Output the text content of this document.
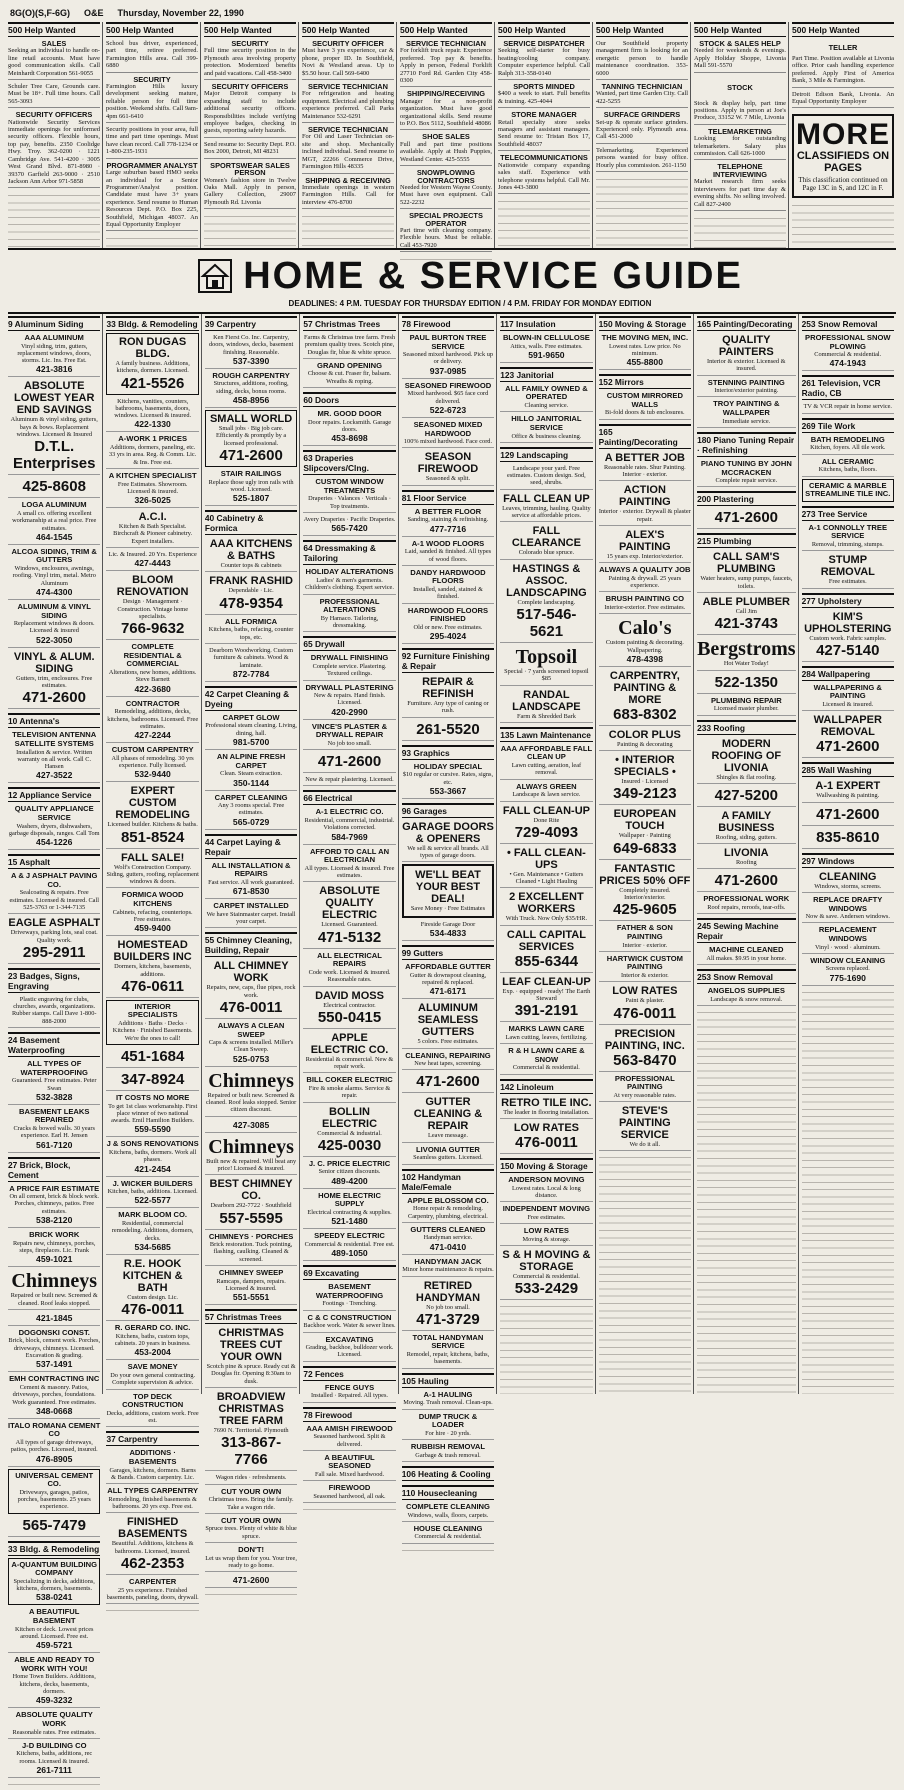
8G(O)(S,F-6G) O&E Thursday, November 22, 1990
500 Help Wanted
SALES
Seeking an individual to handle on-line retail accounts. Must have good communication skills. Call Meinhardt Corporation 561-9055
Schuler Tree Care, Grounds care. Must be 18+. Full time hours. Call 565-3093
SECURITY OFFICERS
Nationwide Security Services immediate openings for uniformed security officers. Flexible hours, top pay, benefits. 2350 Coolidge Hwy. Troy. 362-0200 · 1221 Cambridge Ave. 541-4200 · 3005 West Grand Blvd. 871-8980 · 39370 Garfield 263-9000 · 2510 Jackson Ann Arbor 971-5858
500 Help Wanted
School bus driver, experienced, part time, retiree preferred. Farmington Hills area. Call 399-6880
SECURITY
Farmington Hills luxury development seeking mature, reliable person for full time position. Weekend shifts. Call 9am-4pm 661-6410
Security positions in your area, full time and part time openings. Must have clean record. Call 778-1234 or 1-800-235-1931
PROGRAMMER ANALYST
Large suburban based HMO seeks an individual for a Senior Programmer/Analyst position. Candidate must have 3+ years experience. Send resume to Human Resources Dept. P.O. Box 225, Southfield, Michigan 48037. An Equal Opportunity Employer
500 Help Wanted
SECURITY
Full time security position in the Plymouth area involving property protection. Modernized benefits and paid vacations. Call 458-3400
SECURITY OFFICERS
Major Detroit company is expanding staff to include additional security officers. Responsibilities include verifying employee badges, checking in guests, reporting safety hazards.
Send resume to: Security Dept. P.O. Box 2000, Detroit, MI 48231
SPORTSWEAR SALES PERSON
Women's fashion store in Twelve Oaks Mall. Apply in person, Gallery Collection, 29007 Plymouth Rd. Livonia
500 Help Wanted
SECURITY OFFICER
Must have 3 yrs experience, car & phone, proper ID. In Southfield, Novi & Westland areas. Up to $5.50 hour. Call 569-6400
SERVICE TECHNICIAN
For refrigeration and heating equipment. Electrical and plumbing experience preferred. Call Parks Maintenance 532-6291
SERVICE TECHNICIAN
For Oil and Laser Technician on-site and shop. Mechanically inclined individual. Send resume to MGT, 22266 Commerce Drive, Farmington Hills 48335
SHIPPING & RECEIVING
Immediate openings in western Farmington Hills. Call for interview 476-8700
500 Help Wanted
SERVICE TECHNICIAN
For forklift truck repair. Experience preferred. Top pay & benefits. Apply in person, Federal Forklift 27710 Ford Rd. Garden City 458-0300
SHIPPING/RECEIVING
Manager for a non-profit organization. Must have good organizational skills. Send resume to P.O. Box 5112, Southfield 48086
SHOE SALES
Full and part time positions available. Apply at Hush Puppies, Westland Center. 425-5555
SNOWPLOWING CONTRACTORS
Needed for Western Wayne County. Must have own equipment. Call 522-2232
SPECIAL PROJECTS OPERATOR
Part time with cleaning company. Flexible hours. Must be reliable. Call 453-7920
500 Help Wanted
SERVICE DISPATCHER
Seeking self-starter for busy heating/cooling company. Computer experience helpful. Call Ralph 313-358-0140
SPORTS MINDED
$400 a week to start. Full benefits & training. 425-4044
STORE MANAGER
Retail specialty store seeks managers and assistant managers. Send resume to: Tristan Box 17, Southfield 48037
TELECOMMUNICATIONS
Nationwide company expanding sales staff. Experience with telephone systems helpful. Call Mr. Jones 443-3800
500 Help Wanted
Our Southfield property management firm is looking for an energetic person to handle maintenance coordination. 353-6000
TANNING TECHNICIAN
Wanted, part time Garden City. Call 422-5255
SURFACE GRINDERS
Set-up & operate surface grinders. Experienced only. Plymouth area. Call 451-2000
Telemarketing. Experienced persons wanted for busy office. Hourly plus commission. 261-1150
500 Help Wanted
STOCK & SALES HELP
Needed for weekends & evenings. Apply Holiday Shoppe, Livonia Mall 591-5570
STOCK
Stock & display help, part time positions. Apply in person at Joe's Produce, 33152 W. 7 Mile, Livonia
TELEMARKETING
Looking for outstanding telemarketers. Salary plus commission. Call 626-1000
TELEPHONE INTERVIEWING
Market research firm seeks interviewers for part time day & evening shifts. No selling involved. Call 827-2400
500 Help Wanted
TELLER
Part Time. Position available at Livonia office. Prior cash handling experience preferred. Apply First of America Bank, 3 Mile & Farmington.
Detroit Edison Bank, Livonia. An Equal Opportunity Employer
MORE
CLASSIFIEDS ON PAGES
This classification continued on Page 13C in S, and 12C in F.
HOME & SERVICE GUIDE
DEADLINES: 4 P.M. TUESDAY FOR THURSDAY EDITION / 4 P.M. FRIDAY FOR MONDAY EDITION
9 Aluminum Siding
AAA ALUMINUM
Vinyl siding, trim, gutters, replacement windows, doors, storms. Lic. Ins. Free Est.
421-3816
ABSOLUTE LOWEST YEAR END SAVINGS
Aluminum & vinyl siding, gutters, bays & bows. Replacement windows. Licensed & Insured
D.T.L. Enterprises
425-8608
LOGA ALUMINUM
A small co. offering excellent workmanship at a real price. Free estimates.
464-1545
ALCOA SIDING, TRIM & GUTTERS
Windows, enclosures, awnings, roofing. Vinyl trim, metal. Metro Aluminum
474-4300
ALUMINUM & VINYL SIDING
Replacement windows & doors. Licensed & insured
522-3050
VINYL & ALUM. SIDING
Gutters, trim, enclosures. Free estimates.
471-2600
10 Antenna's
TELEVISION ANTENNA SATELLITE SYSTEMS
Installation & service. Written warranty on all work. Call C. Hansen
427-3522
12 Appliance Service
QUALITY APPLIANCE SERVICE
Washers, dryers, dishwashers, garbage disposals, ranges. Call Tom
454-1226
15 Asphalt
A & J ASPHALT PAVING CO.
Sealcoating & repairs. Free estimates. Licensed & insured. Call 525-3763 or 1-344-7135
EAGLE ASPHALT
Driveways, parking lots, seal coat. Quality work.
295-2911
23 Badges, Signs, Engraving
Plastic engraving for clubs, churches, awards, organizations. Rubber stamps. Call Dave 1-800-888-2000
24 Basement Waterproofing
ALL TYPES OF WATERPROOFING
Guaranteed. Free estimates. Peter Swan
532-3828
BASEMENT LEAKS REPAIRED
Cracks & bowed walls. 30 years experience. Earl H. Jensen
561-7120
27 Brick, Block, Cement
A PRICE FAIR ESTIMATE
On all cement, brick & block work. Porches, chimneys, patios. Free estimates.
538-2120
BRICK WORK
Repairs new, chimneys, porches, steps, fireplaces. Lic. Frank
459-1021
Chimneys
Repaired or built new. Screened & cleaned. Roof leaks stopped.
421-1845
DOGONSKI CONST.
Brick, block, cement work. Porches, driveways, chimneys. Licensed. Excavation & grading.
537-1491
EMH CONTRACTING INC
Cement & masonry. Patios, driveways, porches, foundations. Work guaranteed. Free estimates.
348-0668
ITALO ROMANA CEMENT CO
All types of garage driveways, patios, porches. Licensed, insured.
476-8905
UNIVERSAL CEMENT CO.
Driveways, garages, patios, porches, basements. 25 years experience.
565-7479
33 Bldg. & Remodeling
A-QUANTUM BUILDING COMPANY
Specializing in decks, additions, kitchens, dormers, basements.
538-0241
A BEAUTIFUL BASEMENT
Kitchen or deck. Lowest prices around. Licensed. Free est.
459-5721
ABLE AND READY TO WORK WITH YOU!
Home Town Builders. Additions, kitchens, decks, basements, dormers.
459-3232
ABSOLUTE QUALITY WORK
Reasonable rates. Free estimates.
J-D BUILDING CO
Kitchens, baths, additions, rec rooms. Licensed & insured.
261-7111
33 Bldg. & Remodeling
RON DUGAS BLDG.
A family business. Additions, kitchens, dormers. Licensed.
421-5526
Kitchens, vanities, counters, bathrooms, basements, doors, windows. Licensed & insured.
422-1330
A-WORK 1 PRICES
Additions, dormers, paneling, etc. 33 yrs in area. Reg. & Comm. Lic. & Ins. Free est.
A KITCHEN SPECIALIST
Free Estimates. Showroom. Licensed & insured.
326-5025
A.C.I.
Kitchen & Bath Specialist. Birchcraft & Pioneer cabinetry. Expert installers.
Lic. & Insured. 20 Yrs. Experience
427-4443
BLOOM RENOVATION
Design · Management · Construction. Vintage home specialists.
766-9632
COMPLETE RESIDENTIAL & COMMERCIAL
Alterations, new homes, additions. Steve Barnett
422-3680
CONTRACTOR
Remodeling, additions, decks, kitchens, bathrooms. Licensed. Free estimates.
427-2244
CUSTOM CARPENTRY
All phases of remodeling. 30 yrs experience. Fully licensed.
532-9440
EXPERT CUSTOM REMODELING
Licensed builder. Kitchens & baths.
851-8524
FALL SALE!
Wolf's Construction Company. Siding, gutters, roofing, replacement windows & doors.
FORMICA WOOD KITCHENS
Cabinets, refacing, countertops. Free estimates.
459-9400
HOMESTEAD BUILDERS INC
Dormers, kitchens, basements, additions.
476-0611
INTERIOR SPECIALISTS
Additions · Baths · Decks · Kitchens · Finished Basements. We're the ones to call!
451-1684
347-8924
IT COSTS NO MORE
To get 1st class workmanship. First place winner of two national awards. Emil Hamilton Builders.
559-5590
J & SONS RENOVATIONS
Kitchens, baths, dormers. Work all phases.
421-2454
J. WICKER BUILDERS
Kitchen, baths, additions. Licensed.
522-5577
MARK BLOOM CO.
Residential, commercial remodeling. Additions, dormers, decks.
534-5685
R.E. HOOK KITCHEN & BATH
Custom design. Lic.
476-0011
R. GERARD CO. INC.
Kitchens, baths, custom tops, cabinets. 20 years in business.
453-2004
SAVE MONEY
Do your own general contracting. Complete supervision & advice.
TOP DECK CONSTRUCTION
Decks, additions, custom work. Free est.
37 Carpentry
ADDITIONS · BASEMENTS
Garages, kitchens, dormers. Barns & Bands. Custom carpentry. Lic.
ALL TYPES CARPENTRY
Remodeling, finished basements & bathrooms. 20 yrs exp. Free est.
FINISHED BASEMENTS
Beautiful. Additions, kitchens & bathrooms. Licensed, insured.
462-2353
CARPENTER
25 yrs experience. Finished basements, paneling, doors, drywall.
39 Carpentry
Ken Fierst Co. Inc. Carpentry, doors, windows, decks, basement finishing. Reasonable.
537-3390
ROUGH CARPENTRY
Structures, additions, roofing, siding, decks, bonus rooms.
458-8956
SMALL WORLD
Small jobs · Big job care. Efficiently & promptly by a licensed professional.
471-2600
STAIR RAILINGS
Replace those ugly iron rails with wood. Licensed.
525-1807
40 Cabinetry & Formica
AAA KITCHENS & BATHS
Counter tops & cabinets
FRANK RASHID
Dependable · Lic.
478-9354
ALL FORMICA
Kitchens, baths, refacing, counter tops, etc.
Dearborn Woodworking. Custom furniture & cabinets. Wood & laminate.
872-7784
42 Carpet Cleaning & Dyeing
CARPET GLOW
Professional steam cleaning. Living, dining, hall.
981-5700
AN ALPINE FRESH CARPET
Clean. Steam extraction.
350-1144
CARPET CLEANING
Any 3 rooms special. Free estimates.
565-0729
44 Carpet Laying & Repair
ALL INSTALLATION & REPAIRS
Fast service. All work guaranteed.
671-8530
CARPET INSTALLED
We have Stainmaster carpet. Install your carpet.
55 Chimney Cleaning, Building, Repair
ALL CHIMNEY WORK
Repairs, new, caps, flue pipes, rock work.
476-0011
ALWAYS A CLEAN SWEEP
Caps & screens installed. Miller's Clean Sweep.
525-0753
Chimneys
Repaired or built new. Screened & cleaned. Roof leaks stopped. Senior citizen discount.
427-3085
Chimneys
Built new & repaired. Will beat any price! Licensed & insured.
BEST CHIMNEY CO.
Dearborn 292-7722 · Southfield
557-5595
CHIMNEYS · PORCHES
Brick restoration. Tuck pointing, flashing, caulking. Cleaned & screened.
CHIMNEY SWEEP
Ramcaps, dampers, repairs. Licensed & insured.
551-5551
57 Christmas Trees
CHRISTMAS TREES CUT YOUR OWN
Scotch pine & spruce. Ready cut & Douglas fir. Opening 8:30am to dusk.
BROADVIEW CHRISTMAS TREE FARM
7690 N. Territorial. Plymouth
313-867-7766
Wagon rides · refreshments.
CUT YOUR OWN
Christmas trees. Bring the family. Take a wagon ride.
CUT YOUR OWN
Spruce trees. Plenty of white & blue spruce.
DON'T!
Let us wrap them for you. Your tree, ready to go home.
471-2600
57 Christmas Trees
Farms & Christmas tree farm. Fresh premium quality trees. Scotch pine, Douglas fir, blue & white spruce.
GRAND OPENING
Choose & cut. Fraser fir, balsam. Wreaths & roping.
60 Doors
MR. GOOD DOOR
Door repairs. Locksmith. Garage doors.
453-8698
63 Draperies Slipcovers/Clng.
CUSTOM WINDOW TREATMENTS
Draperies · Valances · Verticals · Top treatments.
Avery Draperies · Pacific Draperies.
565-7420
64 Dressmaking & Tailoring
HOLIDAY ALTERATIONS
Ladies' & men's garments. Children's clothing. Expert service.
PROFESSIONAL ALTERATIONS
By Hamaco. Tailoring, dressmaking.
65 Drywall
DRYWALL FINISHING
Complete service. Plastering. Textured ceilings.
DRYWALL PLASTERING
New & repairs. Hand finish. Licensed.
420-2990
VINCE'S PLASTER & DRYWALL REPAIR
No job too small.
471-2600
New & repair plastering. Licensed.
66 Electrical
A-1 ELECTRIC CO.
Residential, commercial, industrial. Violations corrected.
584-7969
AFFORD TO CALL AN ELECTRICIAN
All types. Licensed & insured. Free estimates.
ABSOLUTE QUALITY ELECTRIC
Licensed. Guaranteed.
471-5132
ALL ELECTRICAL REPAIRS
Code work. Licensed & insured. Reasonable rates.
DAVID MOSS
Electrical contractor.
550-0415
APPLE ELECTRIC CO.
Residential & commercial. New & repair work.
BILL COKER ELECTRIC
Fire & smoke alarms. Service & repair.
BOLLIN ELECTRIC
Commercial & industrial.
425-0030
J. C. PRICE ELECTRIC
Senior citizen discounts.
489-4200
HOME ELECTRIC SUPPLY
Electrical contracting & supplies.
521-1480
SPEEDY ELECTRIC
Commercial & residential. Free est.
489-1050
69 Excavating
BASEMENT WATERPROOFING
Footings · Trenching.
C & C CONSTRUCTION
Backhoe work. Water & sewer lines.
EXCAVATING
Grading, backhoe, bulldozer work. Licensed.
72 Fences
FENCE GUYS
Installed · Repaired. All types.
78 Firewood
AAA AMISH FIREWOOD
Seasoned hardwood. Split & delivered.
A BEAUTIFUL SEASONED
Fall sale. Mixed hardwood.
FIREWOOD
Seasoned hardwood, all oak.
78 Firewood
PAUL BURTON TREE SERVICE
Seasoned mixed hardwood. Pick up or delivery.
937-0985
SEASONED FIREWOOD
Mixed hardwood. $65 face cord delivered.
522-6723
SEASONED MIXED HARDWOOD
100% mixed hardwood. Face cord.
SEASON FIREWOOD
Seasoned & split.
81 Floor Service
A BETTER FLOOR
Sanding, staining & refinishing.
477-7716
A-1 WOOD FLOORS
Laid, sanded & finished. All types of wood floors.
DANDY HARDWOOD FLOORS
Installed, sanded, stained & finished.
HARDWOOD FLOORS FINISHED
Old or new. Free estimates.
295-4024
92 Furniture Finishing & Repair
REPAIR & REFINISH
Furniture. Any type of caning or rush.
261-5520
93 Graphics
HOLIDAY SPECIAL
$10 regular or cursive. Rates, signs, etc.
553-3667
96 Garages
GARAGE DOORS & OPENERS
We sell & service all brands. All types of garage doors.
WE'LL BEAT YOUR BEST DEAL!
Save Money · Free Estimates
Fireside Garage Door
534-4833
99 Gutters
AFFORDABLE GUTTER
Gutter & downspout cleaning, repaired & replaced.
471-6171
ALUMINUM SEAMLESS GUTTERS
5 colors. Free estimates.
CLEANING, REPAIRING
New heat tapes, screening.
471-2600
GUTTER CLEANING & REPAIR
Leave message.
LIVONIA GUTTER
Seamless gutters. Licensed.
102 Handyman Male/Female
APPLE BLOSSOM CO.
Home repair & remodeling. Carpentry, plumbing, electrical.
GUTTERS CLEANED
Handyman service.
471-0410
HANDYMAN JACK
Minor home maintenance & repairs.
RETIRED HANDYMAN
No job too small.
471-3729
TOTAL HANDYMAN SERVICE
Remodel, repair, kitchens, baths, basements.
105 Hauling
A-1 HAULING
Moving. Trash removal. Clean-ups.
DUMP TRUCK & LOADER
For hire · 20 yrds.
RUBBISH REMOVAL
Garbage & trash removal.
106 Heating & Cooling
110 Housecleaning
COMPLETE CLEANING
Windows, walls, floors, carpets.
HOUSE CLEANING
Commercial & residential.
117 Insulation
BLOWN-IN CELLULOSE
Attics, walls. Free estimates.
591-9650
123 Janitorial
ALL FAMILY OWNED & OPERATED
Cleaning service.
HILLO JANITORIAL SERVICE
Office & business cleaning.
129 Landscaping
Landscape your yard. Free estimates. Custom design. Sod, seed, shrubs.
FALL CLEAN UP
Leaves, trimming, hauling. Quality service at affordable prices.
FALL CLEARANCE
Colorado blue spruce.
HASTINGS & ASSOC. LANDSCAPING
Complete landscaping.
517-546-5621
Topsoil
Special · 7 yards screened topsoil $85
RANDAL LANDSCAPE
Farm & Shredded Bark
135 Lawn Maintenance
AAA AFFORDABLE FALL CLEAN UP
Lawn cutting, aeration, leaf removal.
ALWAYS GREEN
Landscape & lawn service.
FALL CLEAN-UP
Done Rite
729-4093
• FALL CLEAN-UPS
• Gen. Maintenance • Gutters Cleaned • Light Hauling
2 EXCELLENT WORKERS
With Truck. Now Only $35/HR.
CALL CAPITAL SERVICES
855-6344
LEAF CLEAN-UP
Exp. · equipped · ready! The Earth Steward
391-2191
MARKS LAWN CARE
Lawn cutting, leaves, fertilizing.
R & H LAWN CARE & SNOW
Commercial & residential.
142 Linoleum
RETRO TILE INC.
The leader in flooring installation.
LOW RATES
476-0011
150 Moving & Storage
ANDERSON MOVING
Lowest rates. Local & long distance.
INDEPENDENT MOVING
Free estimates.
LOW RATES
Moving & storage.
S & H MOVING & STORAGE
Commercial & residential.
533-2429
150 Moving & Storage
THE MOVING MEN, INC.
Lowest rates. Low price. No minimum.
455-8800
152 Mirrors
CUSTOM MIRRORED WALLS
Bi-fold doors & tub enclosures.
165 Painting/Decorating
A BETTER JOB
Reasonable rates. Shur Painting. Interior · exterior.
ACTION PAINTING
Interior · exterior. Drywall & plaster repair.
ALEX'S PAINTING
15 years exp. Interior/exterior.
ALWAYS A QUALITY JOB
Painting & drywall. 25 years experience.
BRUSH PAINTING CO
Interior-exterior. Free estimates.
Calo's
Custom painting & decorating. Wallpapering.
478-4398
CARPENTRY, PAINTING & MORE
683-8302
COLOR PLUS
Painting & decorating
• INTERIOR SPECIALS •
Insured · Licensed
349-2123
EUROPEAN TOUCH
Wallpaper · Painting
649-6833
FANTASTIC PRICES 50% OFF
Completely insured. Interior/exterior.
425-9605
FATHER & SON PAINTING
Interior · exterior.
HARTWICK CUSTOM PAINTING
Interior & exterior.
LOW RATES
Paint & plaster.
476-0011
PRECISION PAINTING, INC.
563-8470
PROFESSIONAL PAINTING
At very reasonable rates.
STEVE'S PAINTING SERVICE
We do it all.
165 Painting/Decorating
QUALITY PAINTERS
Interior & exterior. Licensed & insured.
STENNING PAINTING
Interior/exterior painting.
TROY PAINTING & WALLPAPER
Immediate service.
180 Piano Tuning Repair · Refinishing
PIANO TUNING BY JOHN MCCRACKEN
Complete repair service.
200 Plastering
471-2600
215 Plumbing
CALL SAM'S PLUMBING
Water heaters, sump pumps, faucets, toilets.
ABLE PLUMBER
Call Jim
421-3743
Bergstroms
Hot Water Today!
522-1350
PLUMBING REPAIR
Licensed master plumber.
233 Roofing
MODERN ROOFING OF LIVONIA
Shingles & flat roofing.
427-5200
A FAMILY BUSINESS
Roofing, siding, gutters.
LIVONIA
Roofing
471-2600
PROFESSIONAL WORK
Roof repairs, reroofs, tear-offs.
245 Sewing Machine Repair
MACHINE CLEANED
All makes. $9.95 in your home.
253 Snow Removal
ANGELOS SUPPLIES
Landscape & snow removal.
253 Snow Removal
PROFESSIONAL SNOW PLOWING
Commercial & residential.
474-1943
261 Television, VCR Radio, CB
TV & VCR repair in home service.
269 Tile Work
BATH REMODELING
Kitchen, foyers. All tile work.
ALL CERAMIC
Kitchens, baths, floors.
CERAMIC & MARBLE STREAMLINE TILE INC.
273 Tree Service
A-1 CONNOLLY TREE SERVICE
Removal, trimming, stumps.
STUMP REMOVAL
Free estimates.
277 Upholstery
KIM'S UPHOLSTERING
Custom work. Fabric samples.
427-5140
284 Wallpapering
WALLPAPERING & PAINTING
Licensed & insured.
WALLPAPER REMOVAL
471-2600
285 Wall Washing
A-1 EXPERT
Wallwashing & painting.
471-2600
835-8610
297 Windows
CLEANING
Windows, storms, screens.
REPLACE DRAFTY WINDOWS
Now & save. Andersen windows.
REPLACEMENT WINDOWS
Vinyl · wood · aluminum.
WINDOW CLEANING
Screens replaced.
775-1690
